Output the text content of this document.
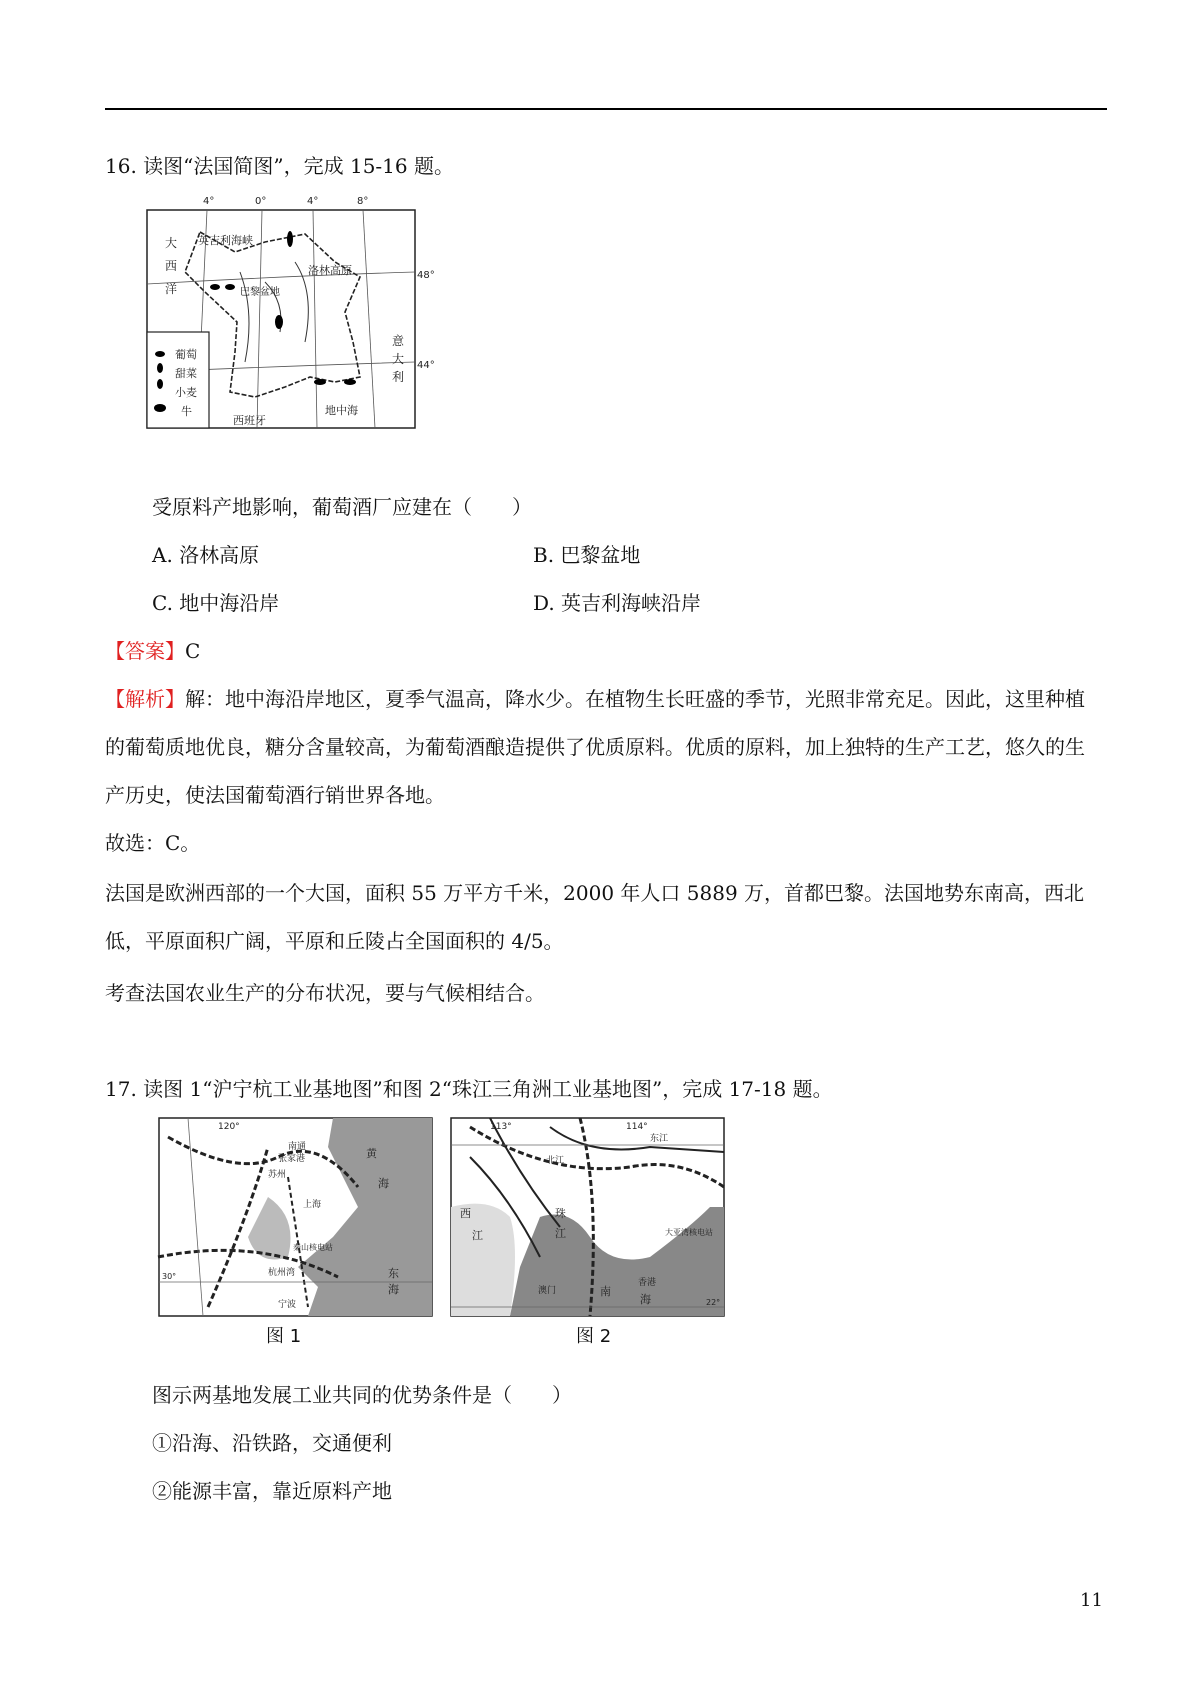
16. 读图“法国简图”，完成 15-16 题。
4°	0°	4°	8°
48°
44°
大
西
洋
英吉利海峡
洛林高原
巴黎盆地
意
大
利
西班牙
地中海
葡萄
甜菜
小麦
牛
受原料产地影响，葡萄酒厂应建在（　　）
A. 洛林高原	B. 巴黎盆地
C. 地中海沿岸	D. 英吉利海峡沿岸
【答案】C
【解析】解：地中海沿岸地区，夏季气温高，降水少。在植物生长旺盛的季节，光照非常充足。因此，这里种植的葡萄质地优良，糖分含量较高，为葡萄酒酿造提供了优质原料。优质的原料，加上独特的生产工艺，悠久的生产历史，使法国葡萄酒行销世界各地。
故选：C。
法国是欧洲西部的一个大国，面积 55 万平方千米，2000 年人口 5889 万，首都巴黎。法国地势东南高，西北低，平原面积广阔，平原和丘陵占全国面积的 4/5。
考查法国农业生产的分布状况，要与气候相结合。
17. 读图 1“沪宁杭工业基地图”和图 2“珠江三角洲工业基地图”，完成 17-18 题。
120°
黄
海
南通
张家港
苏州
上海
秦山核电站
杭州湾	东
海
宁波
30°
图 1
113°	114°
东江
北江
西
江
珠
江	大亚湾核电站
香港
南
海
澳门
22°
图 2
图示两基地发展工业共同的优势条件是（　　）
①沿海、沿铁路，交通便利
②能源丰富，靠近原料产地
11
